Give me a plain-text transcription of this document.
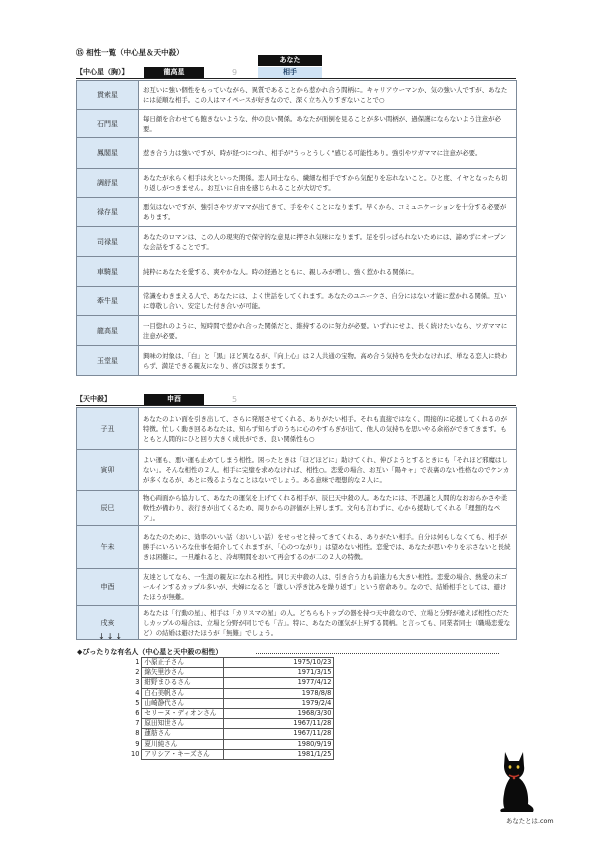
⑮ 相性一覧（中心星＆天中殺）
あなた
【中心星（胸）】	龍高星	9	相手
貫索星	お互いに強い個性をもっていながら、異質であることから惹かれ合う間柄に。キャリアウーマンか、気の強い人ですが、あなたには従順な相手。この人はマイペースが好きなので、深く立ち入りすぎないことで○
石門星	毎日顔を合わせても飽きないような、仲の良い関係。あなたが面倒を見ることが多い間柄が、過保護にならないよう注意が必要。
鳳閣星	惹き合う力は強いですが、時が経つにつれ、相手が"うっとうしく"感じる可能性あり。強引やワガママに注意が必要。
調舒星	あなたが永らく相手は火といった関係。恋人同士なら、繊細な相手ですから気配りを忘れないこと。ひと度、イヤとなったら切り返しがつきません。お互いに自由を感じられることが大切です。
禄存星	悪気はないですが、強引さやワガママが出てきて、手をやくことになります。早くから、コミュニケーションを十分する必要があります。
司禄星	あなたのロマンは、この人の現実的で保守的な意見に押され気味になります。足を引っぱられないためには、諦めずにオープンな会話をすることです。
車騎星	純粋にあなたを愛する、爽やかな人。時の経過とともに、親しみが増し、強く惹かれる関係に。
牽牛星	常識をわきまえる人で、あなたには、よく世話をしてくれます。あなたのユニークさ、自分にはない才能に惹かれる関係。互いに尊敬し合い、安定した付き合いが可能。
龍高星	一目惚れのように、短時間で惹かれ合った関係だと、維持するのに努力が必要。いずれにせよ、長く続けたいなら、ワガママに注意が必要。
玉堂星	興味の対象は、「白」と「黒」ほど異なるが、『向上心』は２人共通の宝物。高め合う気持ちを失わなければ、単なる恋人に終わらず、満足できる親友になり、喜びは深まります。
【天中殺】	申酉	5
子丑	あなたのよい面を引き出して、さらに発展させてくれる、ありがたい相手。それも直接ではなく、間接的に応援してくれるのが特徴。忙しく動き回るあなたは、知らず知らずのうちに心のやすらぎが出て、他人の気持ちを思いやる余裕ができてきます。もともと人間的にひと回り大きく成長ができ、良い関係性も○
寅卯	よい運も、悪い運も止めてしまう相性。困ったときは「ほどほどに」助けてくれ、伸びようとするときにも「それほど邪魔はしない」。そんな相性の２人。相手に完璧を求めなければ、相性○。恋愛の場合、お互い「陽キャ」で表裏のない性格なのでケンカが多くなるが、あとに残るようなことはないでしょう。ある意味で理想的な２人に。
辰巳	物心両面から協力して、あなたの運気を上げてくれる相手が、辰巳天中殺の人。あなたには、不思議と人間的なおおらかさや柔軟性が備わり、表行きが出てくるため、周りからの評価が上昇します。文句も言わずに、心から援助してくれる「理想的なペア」。
午未	あなたのために、効率のいい話（おいしい話）をせっせと持ってきてくれる、ありがたい相手。自分は何もしなくても、相手が勝手にいろいろな仕事を紹介してくれますが、「心のつながり」は望めない相性。恋愛では、あなたが思いやりを示さないと長続きは困難に。一旦離れると、冷却期間をおいて再会するのが二の２人の特徴。
申酉	友達としてなら、一生涯の親友になれる相性。同じ天中殺の人は、引き合う力も前進力も大きい相性。恋愛の場合、熱愛の末ゴールインするカップル多いが、夫婦になると「激しい浮き沈みを繰り返す」という宿命あり。なので、結婚相手としては、避けたほうが無難。
戌亥	あなたは「行動の星」、相手は「カリスマの星」の人。どちらもトップの器を持つ天中殺なので、立場と分野が違えば相性○だたしカップルの場合は、立場と分野が同じでも「吉」。特に、あなたの運気が上昇する間柄。と言っても、同業者同士（職場恋愛など）の結婚は避けたほうが「無難」でしょう。
↓↓↓
◆ぴったりな有名人（中心星と天中殺の相性）
1	小原正子さん	1975/10/23
2	綿矢里沙さん	1971/3/15
3	紺野まひるさん	1977/4/12
4	白石美帆さん	1978/8/8
5	山崎静代さん	1979/2/4
6	セリーヌ・ディオンさん	1968/3/30
7	原田知世さん	1967/11/28
8	蓮舫さん	1967/11/28
9	夏川純さん	1980/9/19
10	アリシア・キーズさん	1981/1/25
あなたとは.com
